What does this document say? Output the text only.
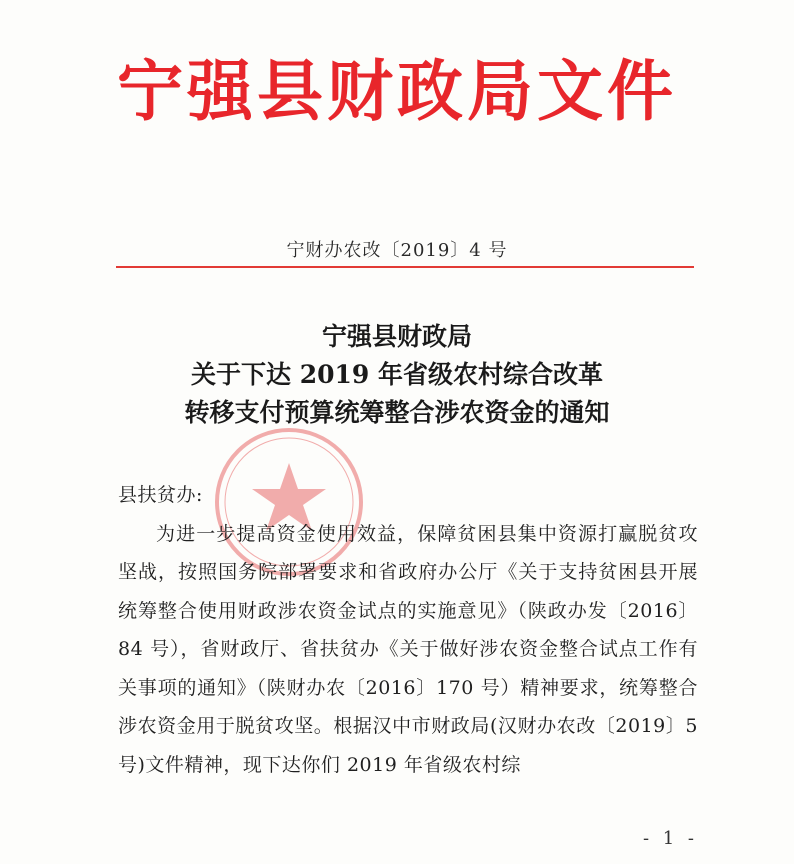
宁强县财政局文件
宁财办农改〔2019〕4 号
宁强县财政局
关于下达 2019 年省级农村综合改革
转移支付预算统筹整合涉农资金的通知
县扶贫办:
为进一步提高资金使用效益，保障贫困县集中资源打赢脱贫攻坚战，按照国务院部署要求和省政府办公厅《关于支持贫困县开展统筹整合使用财政涉农资金试点的实施意见》（陕政办发〔2016〕84 号），省财政厅、省扶贫办《关于做好涉农资金整合试点工作有关事项的通知》（陕财办农〔2016〕170 号）精神要求，统筹整合涉农资金用于脱贫攻坚。根据汉中市财政局(汉财办农改〔2019〕5 号)文件精神，现下达你们 2019 年省级农村综
- 1 -
